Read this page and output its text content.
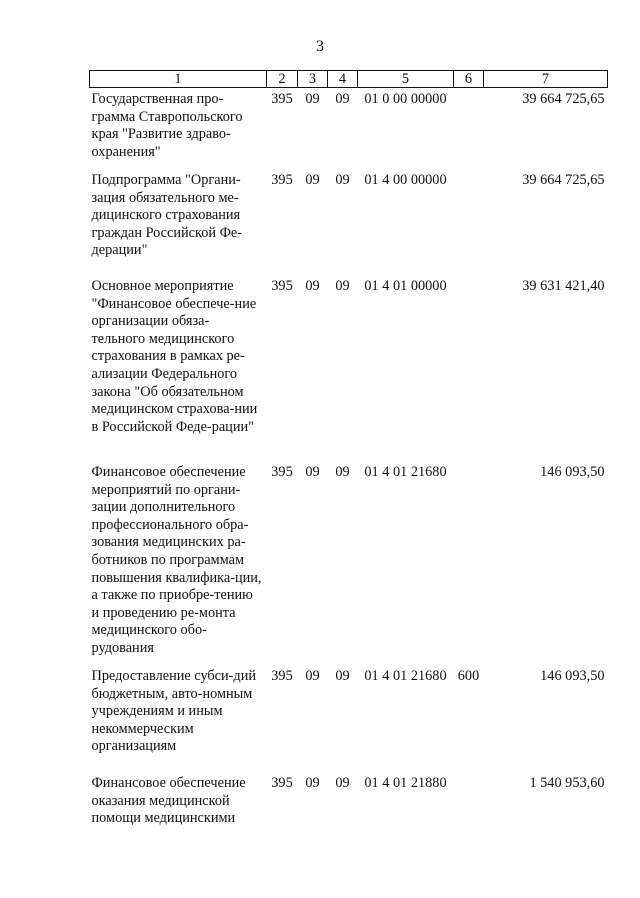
3
1	2	3	4	5	6	7
Государственная про-грамма Ставропольского края "Развитие здраво-охранения"	395	09	09	01 0 00 00000		39 664 725,65
Подпрограмма "Органи-зация обязательного ме-дицинского страхования граждан Российской Фе-дерации"	395	09	09	01 4 00 00000		39 664 725,65
Основное мероприятие "Финансовое обеспече-ние организации обяза-тельного медицинского страхования в рамках ре-ализации Федерального закона "Об обязательном медицинском страхова-нии в Российской Феде-рации"	395	09	09	01 4 01 00000		39 631 421,40
Финансовое обеспечение мероприятий по органи-зации дополнительного профессионального обра-зования медицинских ра-ботников по программам повышения квалифика-ции, а также по приобре-тению и проведению ре-монта медицинского обо-рудования	395	09	09	01 4 01 21680		146 093,50
Предоставление субси-дий бюджетным, авто-номным учреждениям и иным некоммерческим организациям	395	09	09	01 4 01 21680	600	146 093,50
Финансовое обеспечение оказания медицинской помощи медицинскими	395	09	09	01 4 01 21880		1 540 953,60
